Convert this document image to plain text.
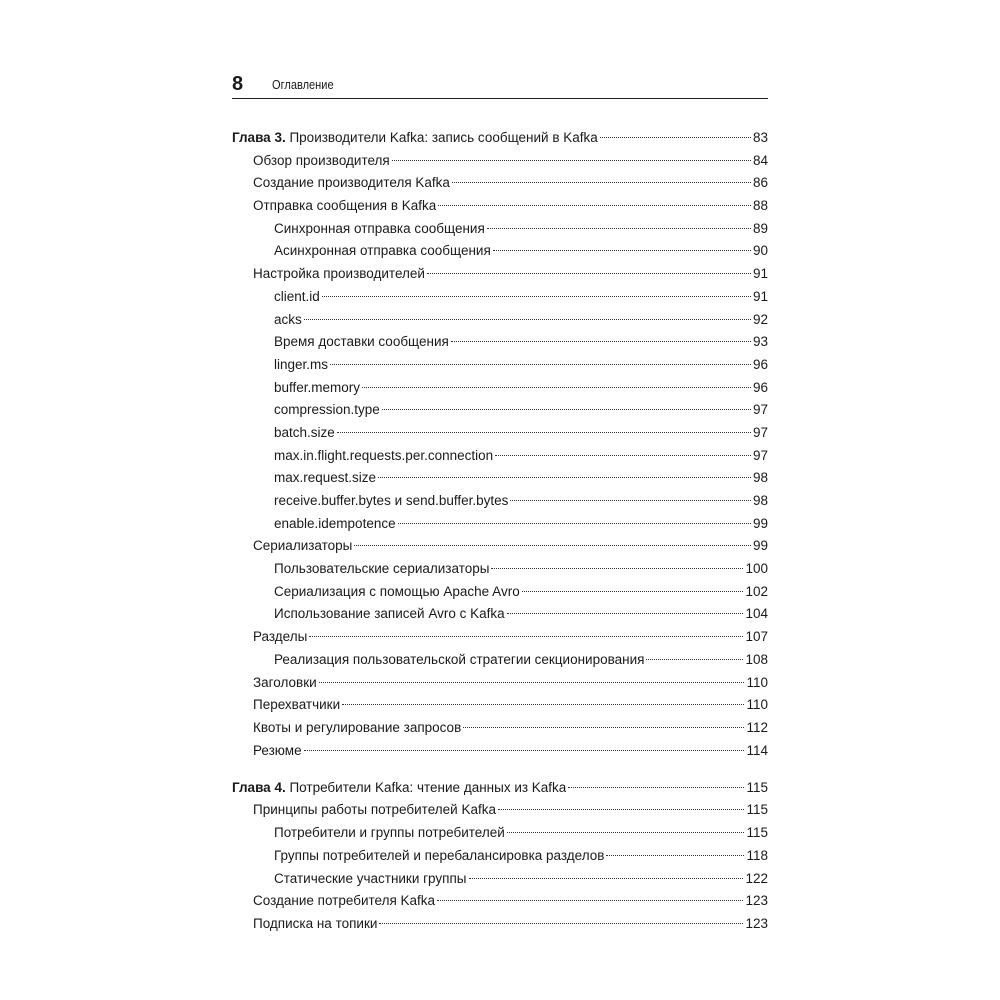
8 Оглавление
Глава 3. Производители Kafka: запись сообщений в Kafka	83
Обзор производителя	84
Создание производителя Kafka	86
Отправка сообщения в Kafka	88
Синхронная отправка сообщения	89
Асинхронная отправка сообщения	90
Настройка производителей	91
client.id	91
acks	92
Время доставки сообщения	93
linger.ms	96
buffer.memory	96
compression.type	97
batch.size	97
max.in.flight.requests.per.connection	97
max.request.size	98
receive.buffer.bytes и send.buffer.bytes	98
enable.idempotence	99
Сериализаторы	99
Пользовательские сериализаторы	100
Сериализация с помощью Apache Avro	102
Использование записей Avro с Kafka	104
Разделы	107
Реализация пользовательской стратегии секционирования	108
Заголовки	110
Перехватчики	110
Квоты и регулирование запросов	112
Резюме	114
Глава 4. Потребители Kafka: чтение данных из Kafka	115
Принципы работы потребителей Kafka	115
Потребители и группы потребителей	115
Группы потребителей и перебалансировка разделов	118
Статические участники группы	122
Создание потребителя Kafka	123
Подписка на топики	123
